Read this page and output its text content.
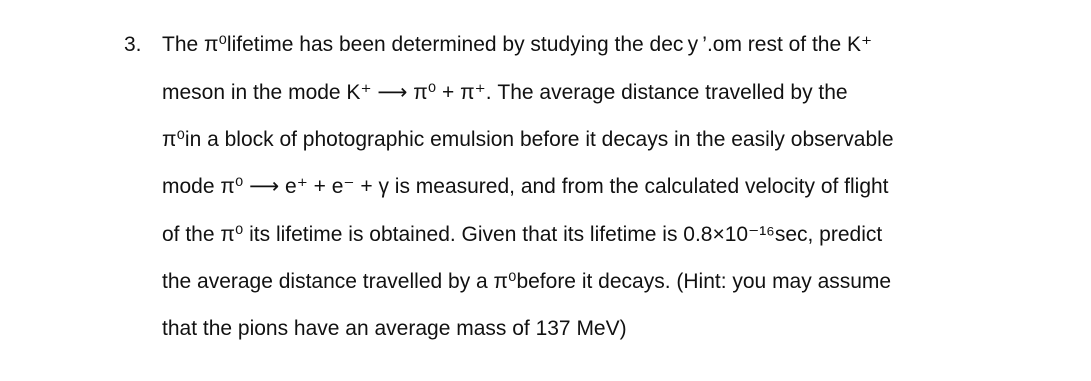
3. The π⁰lifetime has been determined by studying the dec y ’.om rest of the K⁺
meson in the mode K⁺ ⟶ π⁰ + π⁺. The average distance travelled by the
π⁰in a block of photographic emulsion before it decays in the easily observable
mode π⁰ ⟶ e⁺ + e⁻ + γ is measured, and from the calculated velocity of flight
of the π⁰ its lifetime is obtained. Given that its lifetime is 0.8×10⁻¹⁶sec, predict
the average distance travelled by a π⁰before it decays. (Hint: you may assume
that the pions have an average mass of 137 MeV)
